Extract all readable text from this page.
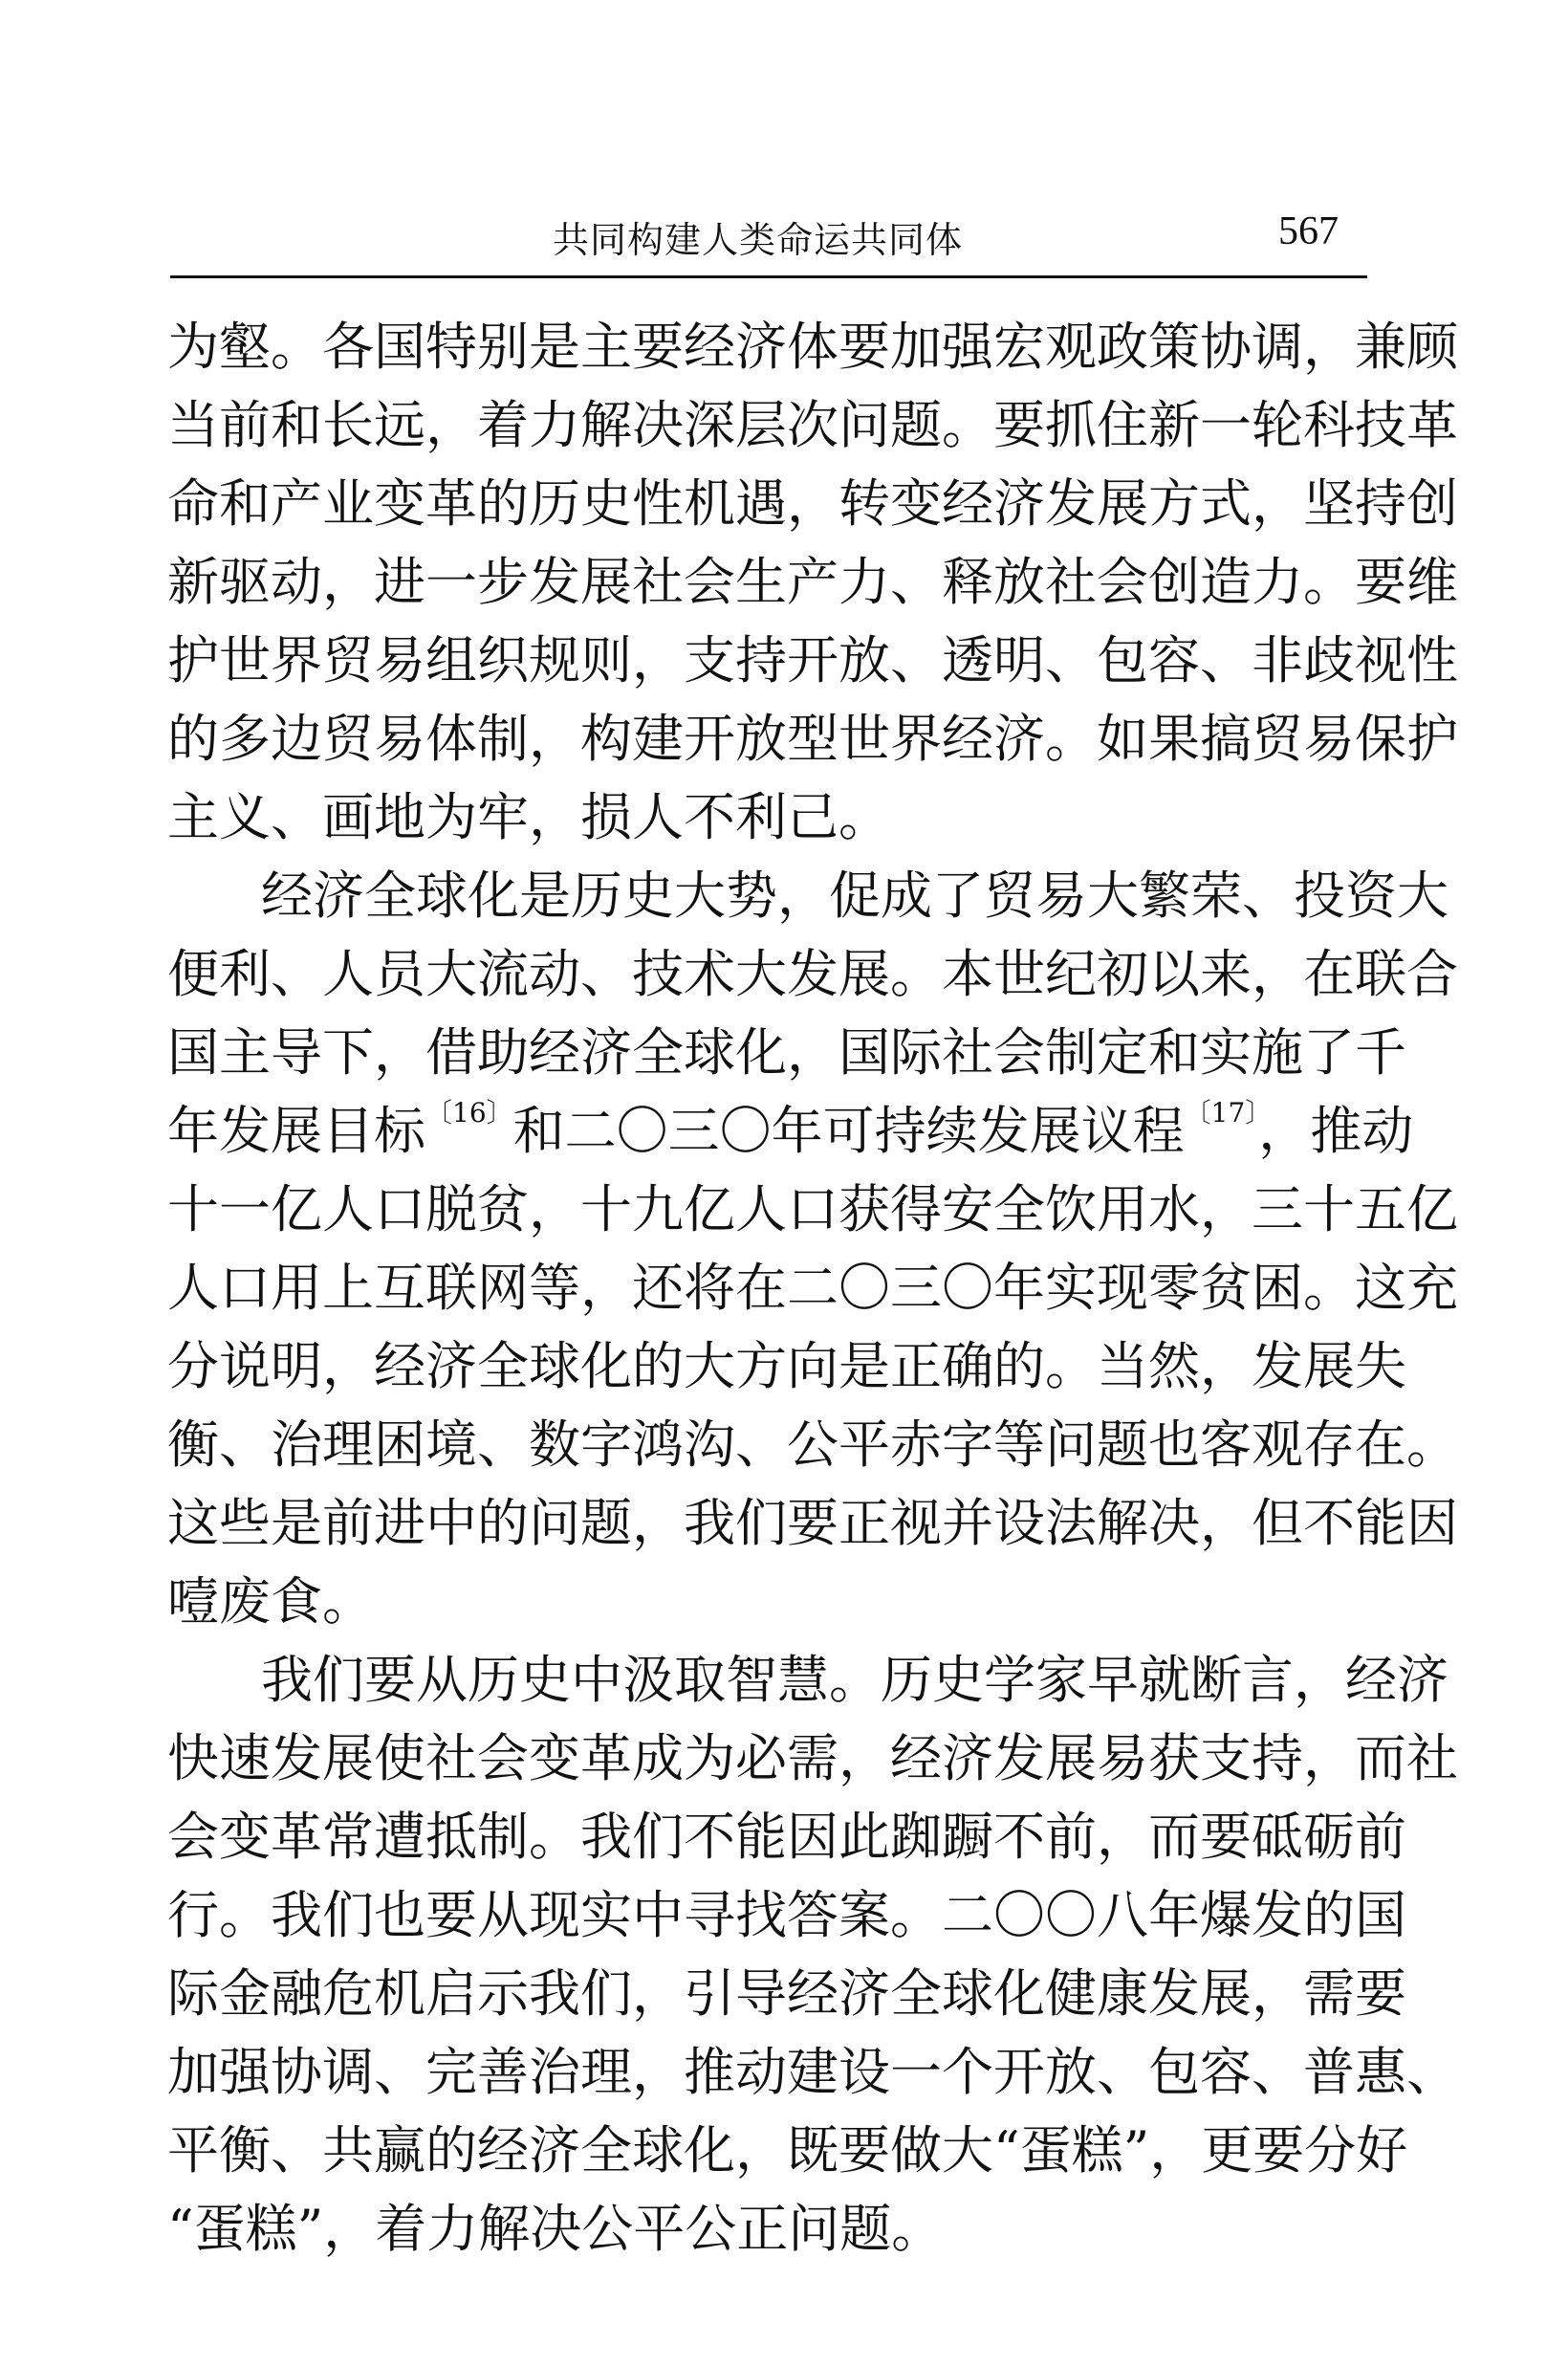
共同构建人类命运共同体	567
为壑。各国特别是主要经济体要加强宏观政策协调，兼顾
当前和长远，着力解决深层次问题。要抓住新一轮科技革
命和产业变革的历史性机遇，转变经济发展方式，坚持创
新驱动，进一步发展社会生产力、释放社会创造力。要维
护世界贸易组织规则，支持开放、透明、包容、非歧视性
的多边贸易体制，构建开放型世界经济。如果搞贸易保护
主义、画地为牢，损人不利己。
经济全球化是历史大势，促成了贸易大繁荣、投资大
便利、人员大流动、技术大发展。本世纪初以来，在联合
国主导下，借助经济全球化，国际社会制定和实施了千
年发展目标$^{〔16〕}$和二〇三〇年可持续发展议程$^{〔17〕}$，推动
十一亿人口脱贫，十九亿人口获得安全饮用水，三十五亿
人口用上互联网等，还将在二〇三〇年实现零贫困。这充
分说明，经济全球化的大方向是正确的。当然，发展失
衡、治理困境、数字鸿沟、公平赤字等问题也客观存在。
这些是前进中的问题，我们要正视并设法解决，但不能因
噎废食。
我们要从历史中汲取智慧。历史学家早就断言，经济
快速发展使社会变革成为必需，经济发展易获支持，而社
会变革常遭抵制。我们不能因此踟蹰不前，而要砥砺前
行。我们也要从现实中寻找答案。二〇〇八年爆发的国
际金融危机启示我们，引导经济全球化健康发展，需要
加强协调、完善治理，推动建设一个开放、包容、普惠、
平衡、共赢的经济全球化，既要做大“蛋糕”，更要分好
“蛋糕”，着力解决公平公正问题。
